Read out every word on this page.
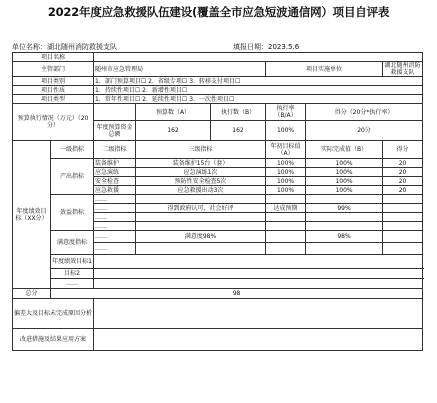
2022年度应急救援队伍建设(覆盖全市应急短波通信网）项目自评表
单位名称：湖北随州消防救援支队	填报日期：2023.5.6
项目名称							
主管部门		随州市应急管理局			项目实施单位		湖北随州消防救援支队
项目类别		1．部门预算项目☐ 2．省级专项☐ 3．转移支付项目☐					
项目性质		1．持续性项目☐ 2．新增性项目☐					
项目类型		1．常年性项目☐ 2．延续性项目☐ 3．一次性项目☐					
预算执行情况（万元）（20分）			预算数（A）	执行数（B）	执行率（B/A）	得分（20分*执行率）	
		年度预算资金总额	162	162	100%	20分	
年度绩效目标（XX分）	一级指标	二级指标	三级指标		年初目标值（A）	实际完成值（B）	得分
	产出指标	装备维护	装备维护15台（套）		100%	100%	20
		应急演练	应急演练1次		100%	100%	20
		安全检查	预防性安全检查5次		100%	100%	20
		应急救援	应急救援出动3次		100%	100%	20
	效益指标	……					
		……	得到政府认可，社会好评		达成预期	99%	
		……					
		……					
	满意度指标	……	满意度98%			98%	
		……					
	年度绩效目标1						
	目标2						
	……						
总分	98						
偏差大及目标未完成原因分析							
改进措施及结果应用方案							
